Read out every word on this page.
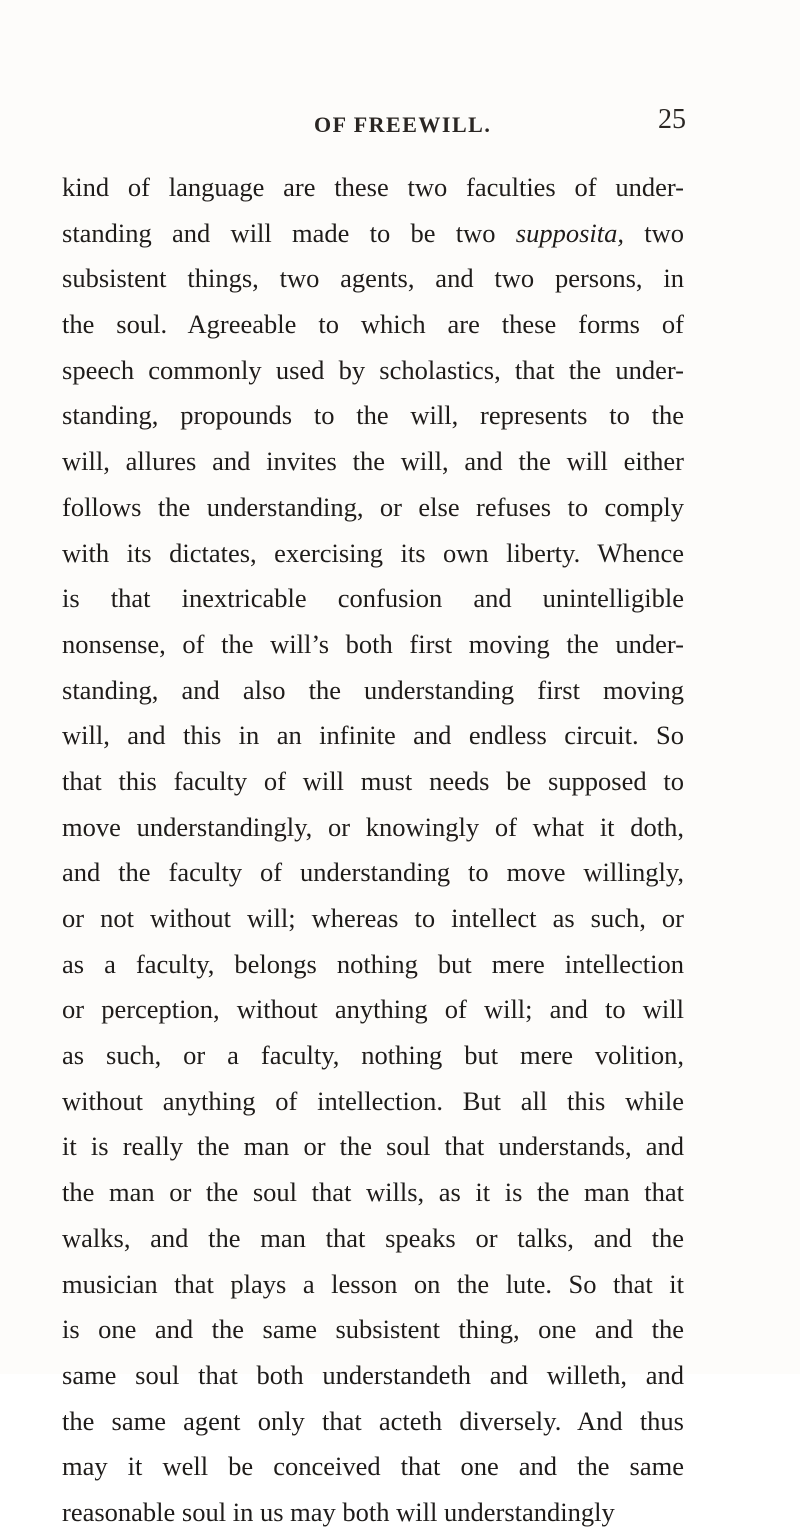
OF FREEWILL.	25
kind of language are these two faculties of under-
standing and will made to be two supposita, two
subsistent things, two agents, and two persons, in
the soul. Agreeable to which are these forms of
speech commonly used by scholastics, that the under-
standing, propounds to the will, represents to the
will, allures and invites the will, and the will either
follows the understanding, or else refuses to comply
with its dictates, exercising its own liberty. Whence
is that inextricable confusion and unintelligible
nonsense, of the will’s both first moving the under-
standing, and also the understanding first moving
will, and this in an infinite and endless circuit. So
that this faculty of will must needs be supposed to
move understandingly, or knowingly of what it doth,
and the faculty of understanding to move willingly,
or not without will; whereas to intellect as such, or
as a faculty, belongs nothing but mere intellection
or perception, without anything of will; and to will
as such, or a faculty, nothing but mere volition,
without anything of intellection. But all this while
it is really the man or the soul that understands, and
the man or the soul that wills, as it is the man that
walks, and the man that speaks or talks, and the
musician that plays a lesson on the lute. So that it
is one and the same subsistent thing, one and the
same soul that both understandeth and willeth, and
the same agent only that acteth diversely. And thus
may it well be conceived that one and the same
reasonable soul in us may both will understandingly
